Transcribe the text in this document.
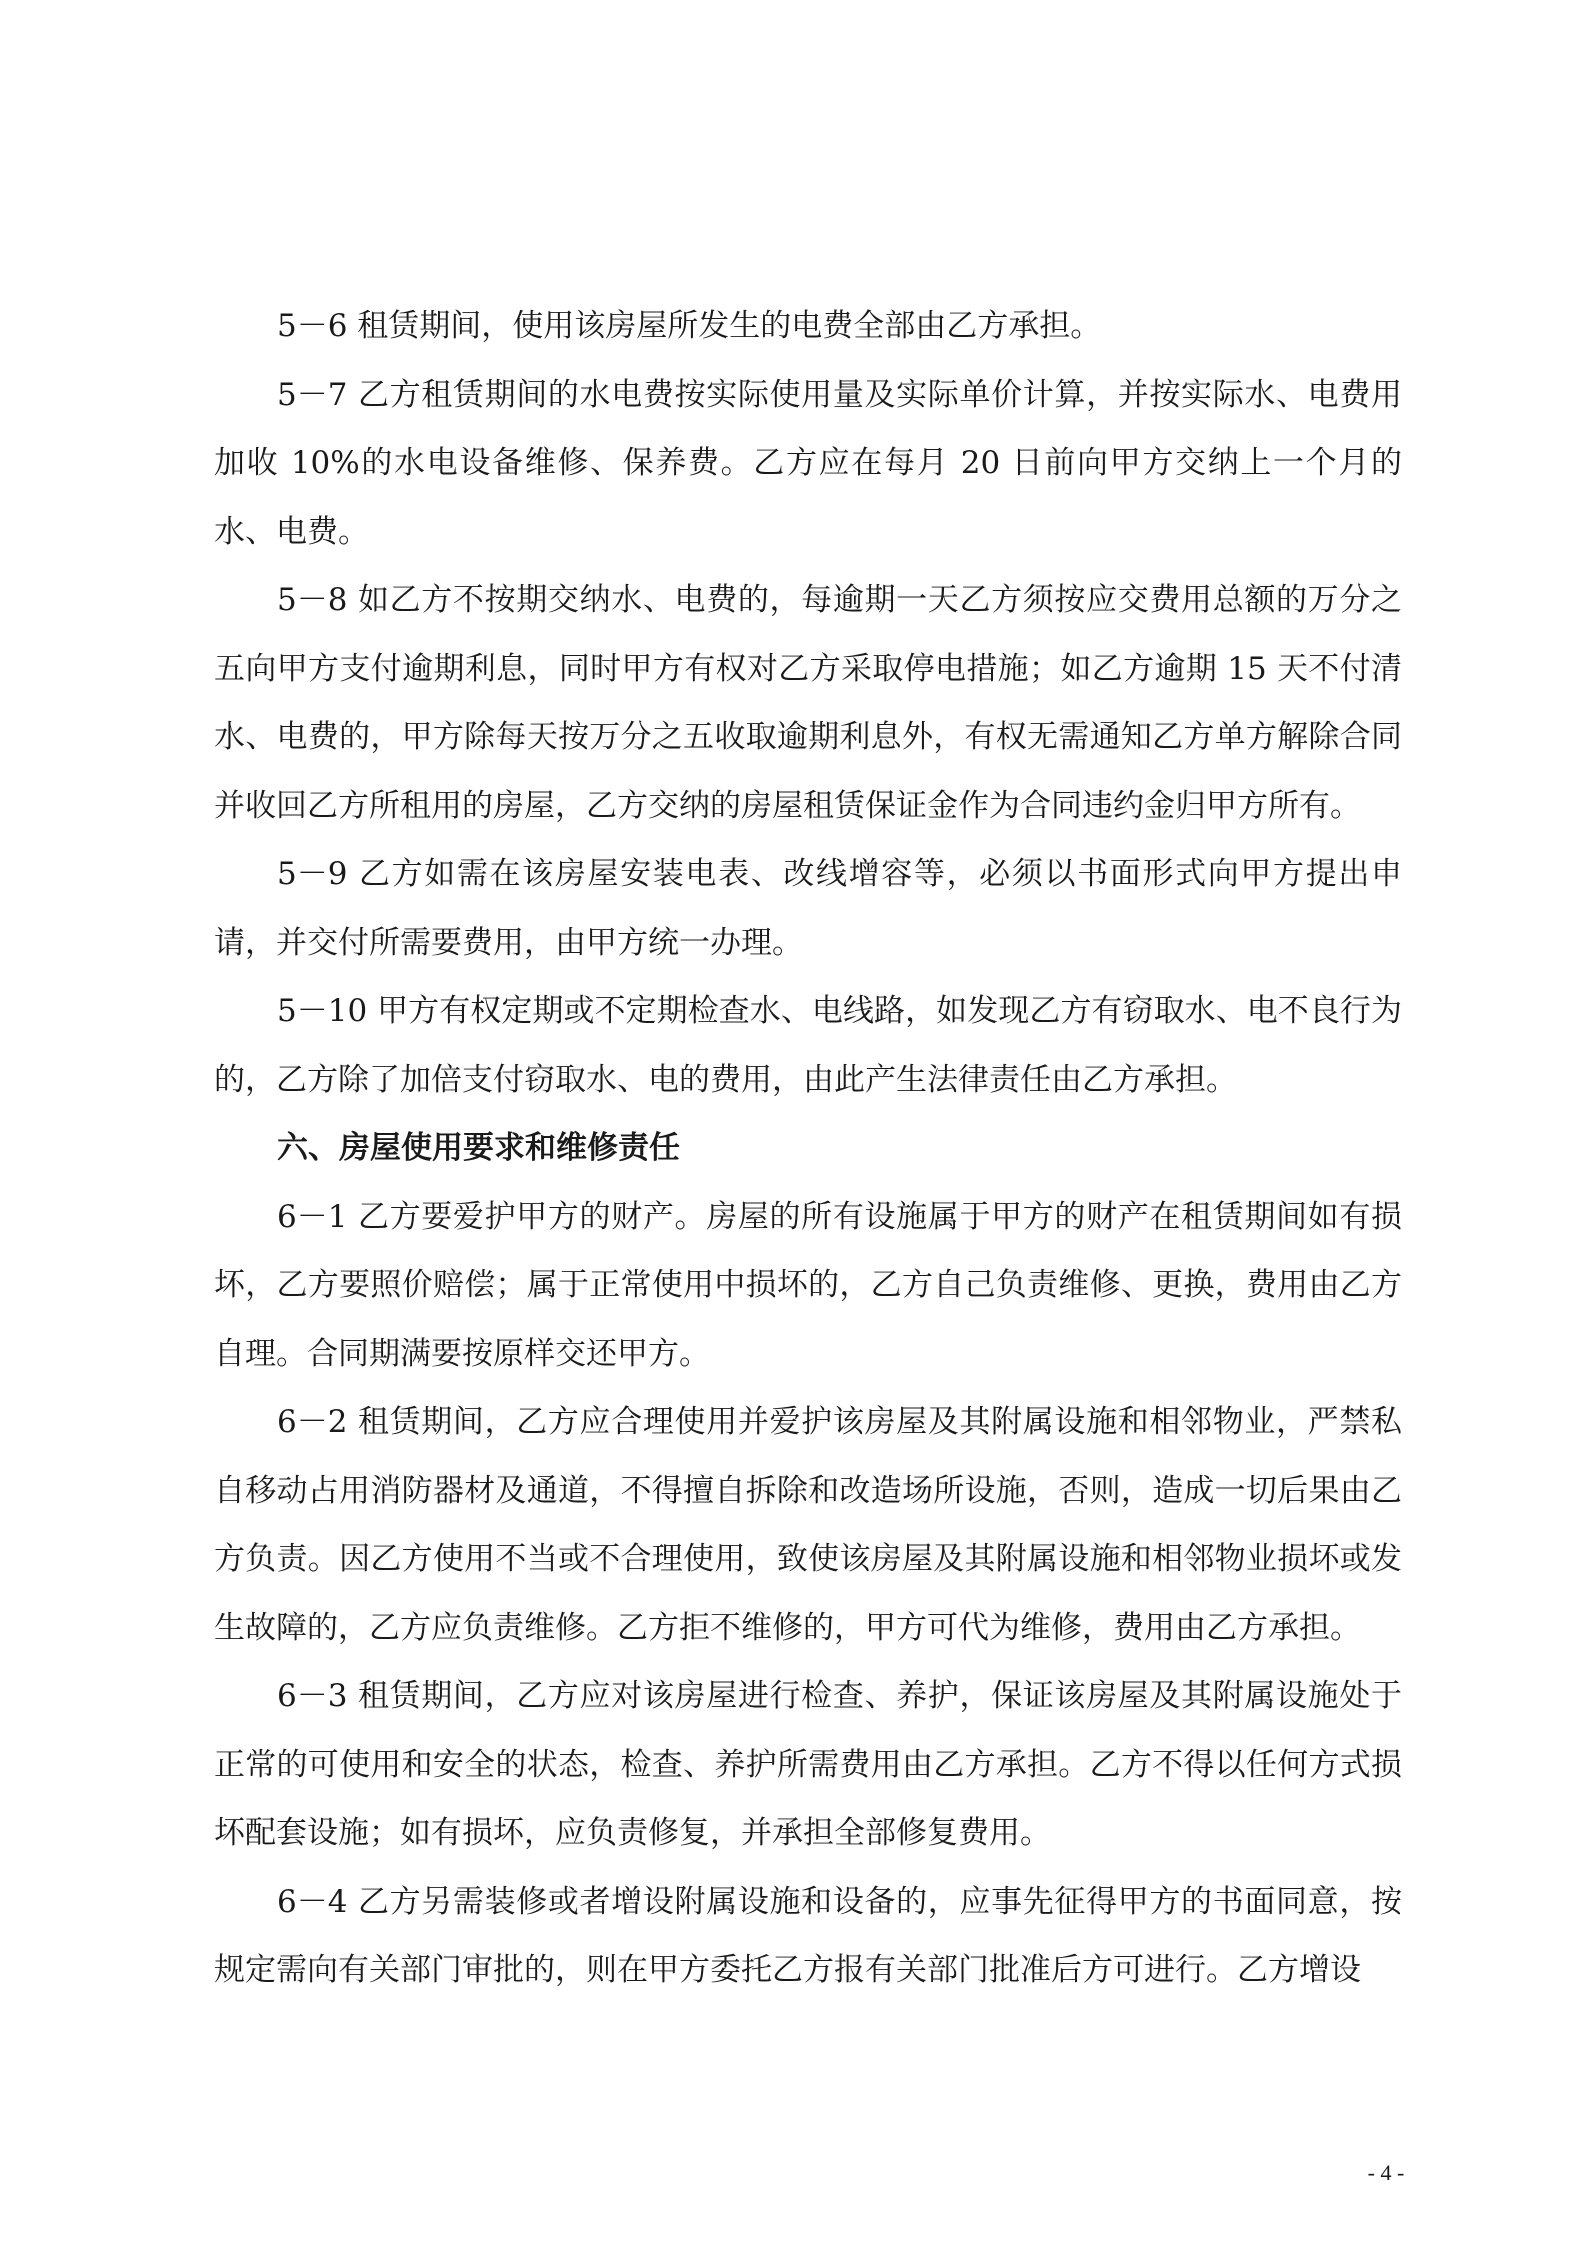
5－6 租赁期间，使用该房屋所发生的电费全部由乙方承担。

5－7 乙方租赁期间的水电费按实际使用量及实际单价计算，并按实际水、电费用加收 10%的水电设备维修、保养费。乙方应在每月 20 日前向甲方交纳上一个月的水、电费。

5－8 如乙方不按期交纳水、电费的，每逾期一天乙方须按应交费用总额的万分之五向甲方支付逾期利息，同时甲方有权对乙方采取停电措施；如乙方逾期 15 天不付清水、电费的，甲方除每天按万分之五收取逾期利息外，有权无需通知乙方单方解除合同并收回乙方所租用的房屋，乙方交纳的房屋租赁保证金作为合同违约金归甲方所有。

5－9 乙方如需在该房屋安装电表、改线增容等，必须以书面形式向甲方提出申请，并交付所需要费用，由甲方统一办理。

5－10 甲方有权定期或不定期检查水、电线路，如发现乙方有窃取水、电不良行为的，乙方除了加倍支付窃取水、电的费用，由此产生法律责任由乙方承担。

六、房屋使用要求和维修责任

6－1 乙方要爱护甲方的财产。房屋的所有设施属于甲方的财产在租赁期间如有损坏，乙方要照价赔偿；属于正常使用中损坏的，乙方自己负责维修、更换，费用由乙方自理。合同期满要按原样交还甲方。

6－2 租赁期间，乙方应合理使用并爱护该房屋及其附属设施和相邻物业，严禁私自移动占用消防器材及通道，不得擅自拆除和改造场所设施，否则，造成一切后果由乙方负责。因乙方使用不当或不合理使用，致使该房屋及其附属设施和相邻物业损坏或发生故障的，乙方应负责维修。乙方拒不维修的，甲方可代为维修，费用由乙方承担。

6－3 租赁期间，乙方应对该房屋进行检查、养护，保证该房屋及其附属设施处于正常的可使用和安全的状态，检查、养护所需费用由乙方承担。乙方不得以任何方式损坏配套设施；如有损坏，应负责修复，并承担全部修复费用。

6－4 乙方另需装修或者增设附属设施和设备的，应事先征得甲方的书面同意，按规定需向有关部门审批的，则在甲方委托乙方报有关部门批准后方可进行。乙方增设

- 4 -
